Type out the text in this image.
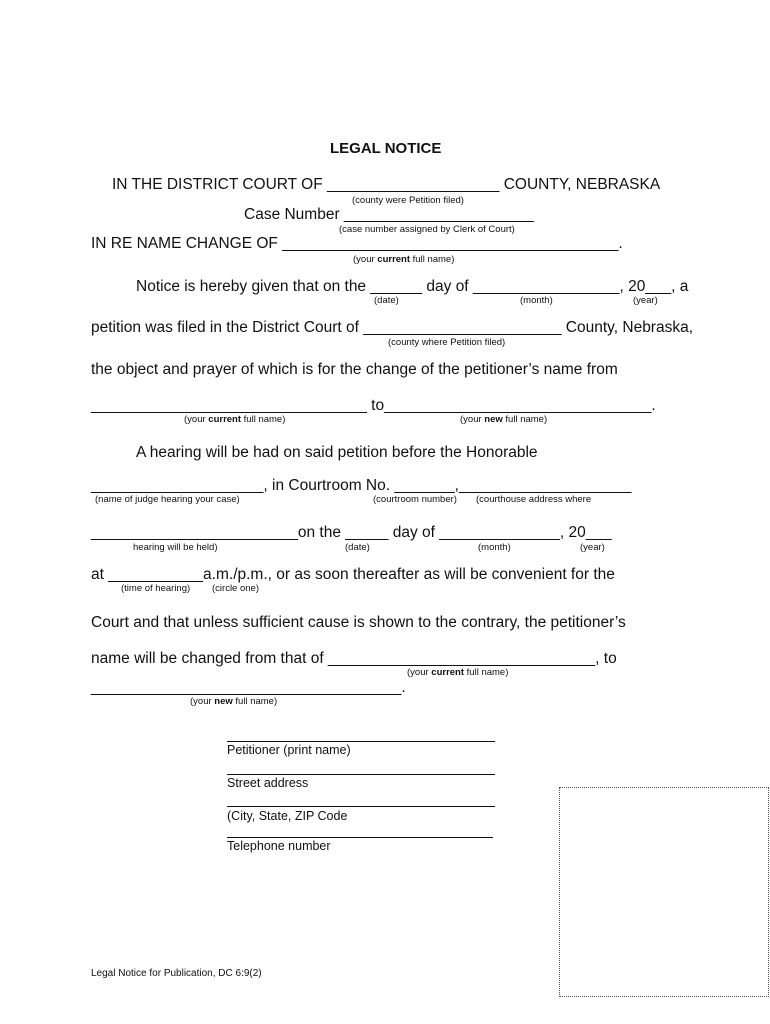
LEGAL NOTICE
IN THE DISTRICT COURT OF ____________________ COUNTY, NEBRASKA
(county were Petition filed)
Case Number ______________________
(case number assigned by Clerk of Court)
IN RE NAME CHANGE OF _______________________________________.
(your current full name)
Notice is hereby given that on the ______ day of _________________, 20___, a
(date)	(month)	(year)
petition was filed in the District Court of _______________________ County, Nebraska,
(county where Petition filed)
the object and prayer of which is for the change of the petitioner’s name from
________________________________ to_______________________________.
(your current full name)	(your new full name)
A hearing will be had on said petition before the Honorable
____________________, in Courtroom No. _______,____________________
(name of judge hearing your case)	(courtroom number) (courthouse address where
________________________on the _____ day of ______________, 20___
hearing will be held)	(date)	(month)	(year)
at ___________a.m./p.m., or as soon thereafter as will be convenient for the
(time of hearing) (circle one)
Court and that unless sufficient cause is shown to the contrary, the petitioner’s
name will be changed from that of _______________________________, to
(your current full name)
____________________________________.
(your new full name)
Petitioner (print name)
Street address
(City, State, ZIP Code
Telephone number
Legal Notice for Publication, DC 6:9(2)
